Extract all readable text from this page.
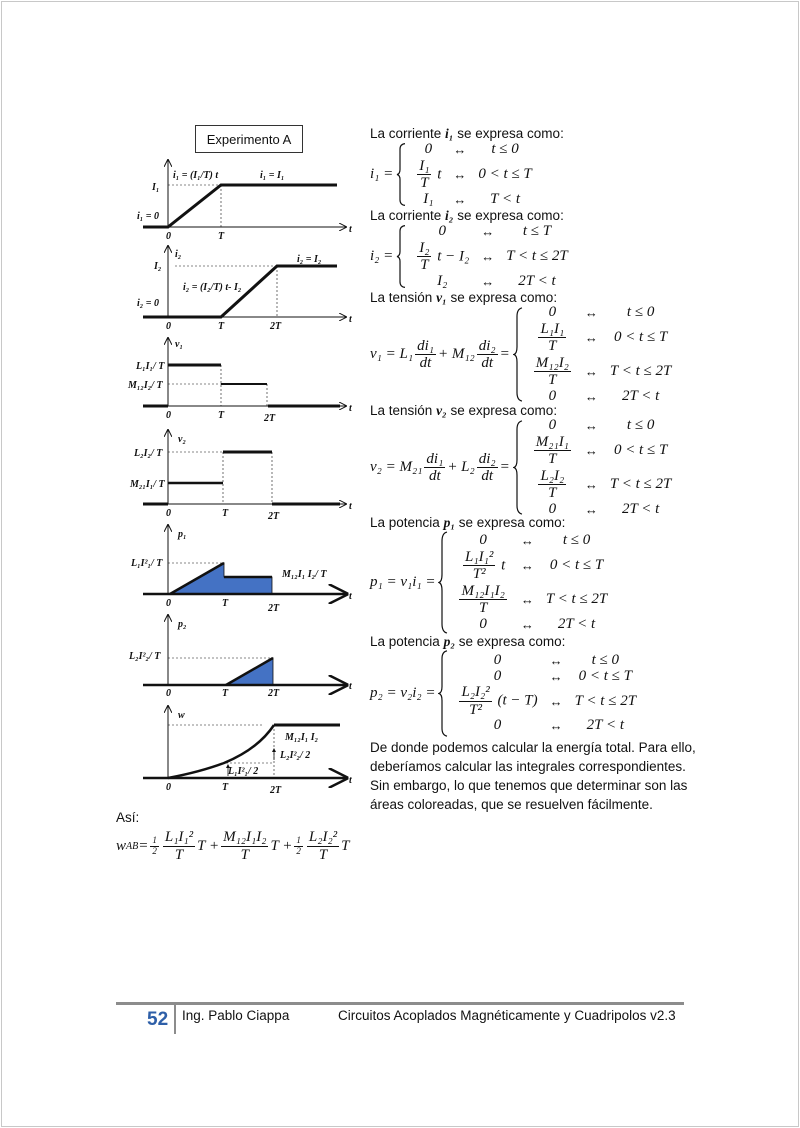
Experimento A
i₁ = (I₁/T) t	i₁ = I₁
I₁
i₁ = 0
0	T
t
i₂
I₂
i₂ = I₂
i₂ = (I₂/T) t- I₂
i₂ = 0
0	T	2T
t
v₁
L₁I₁/ T
M₁₂I₂/ T
0	T	2T
t
v₂
L₂I₂/ T
M₂₁I₁/ T
0	T	2T
t
p₁
L₁I²₁/ T
M₁₂I₁ I₂/ T
0	T	2T
t
p₂
L₂I²₂/ T
0	T	2T
t
w
M₁₂I₁ I₂
L₂I²₂/ 2
L₁I²₁/ 2
0	T	2T
t
La corriente i₁ se expresa como:
La corriente i₂ se expresa como:
La tensión v₁ se expresa como:
La tensión v₂ se expresa como:
La potencia p₁ se expresa como:
La potencia p₂ se expresa como:
i₁ =
0	↔	t ≤ 0

$\frac{\text{I₁}}{T}$ t	↔	0 < t ≤ T
I₁	↔	T < t
i₂ =
0	↔	t ≤ T

$\frac{\text{I₂}}{T}$ t − I₂	↔	T < t ≤ 2T
I₂	↔	2T < t
$v_1 = L_1 \frac{\text{di₁}}{dt} + M_{12} \frac{\text{di₂}}{dt}$ =
0	↔	t ≤ 0

$\frac{\text{L₁I₁}}{T}$	↔	0 < t ≤ T

$\frac{\text{M₁₂I₂}}{T}$	↔	T < t ≤ 2T
0	↔	2T < t
$v_2 = M_{21} \frac{\text{di₁}}{dt} + L_2 \frac{\text{di₂}}{dt}$ =
0	↔	t ≤ 0

$\frac{\text{M₂₁I₁}}{T}$	↔	0 < t ≤ T

$\frac{\text{L₂I₂}}{T}$	↔	T < t ≤ 2T
0	↔	2T < t
p₁ = v₁i₁ =
0	↔	t ≤ 0

$\frac{\text{L₁I₁²}}{\text{T²}}$ t	↔	0 < t ≤ T

$\frac{\text{M₁₂I₁I₂}}{T}$	↔	T < t ≤ 2T
0	↔	2T < t
p₂ = v₂i₂ =
0	↔	t ≤ 0
0	↔	0 < t ≤ T

$\frac{\text{L₂I₂²}}{\text{T²}} (t - T)$	↔	T < t ≤ 2T
0	↔	2T < t
De donde podemos calcular la energía total. Para ello,
deberíamos calcular las integrales correspondientes.
Sin embargo, lo que tenemos que determinar son las
áreas coloreadas, que se resuelven fácilmente.
Así:
w AB = $\frac{1}{2} \frac{\text{L₁I₁²}}{T}$ $T + \frac{\text{M₁₂I₁I₂}}{T}$ $T + \frac{1}{2} \frac{\text{L₂I₂²}}{T}$ T
52 Ing. Pablo Ciappa	Circuitos Acoplados Magnéticamente y Cuadripolos v2.3
